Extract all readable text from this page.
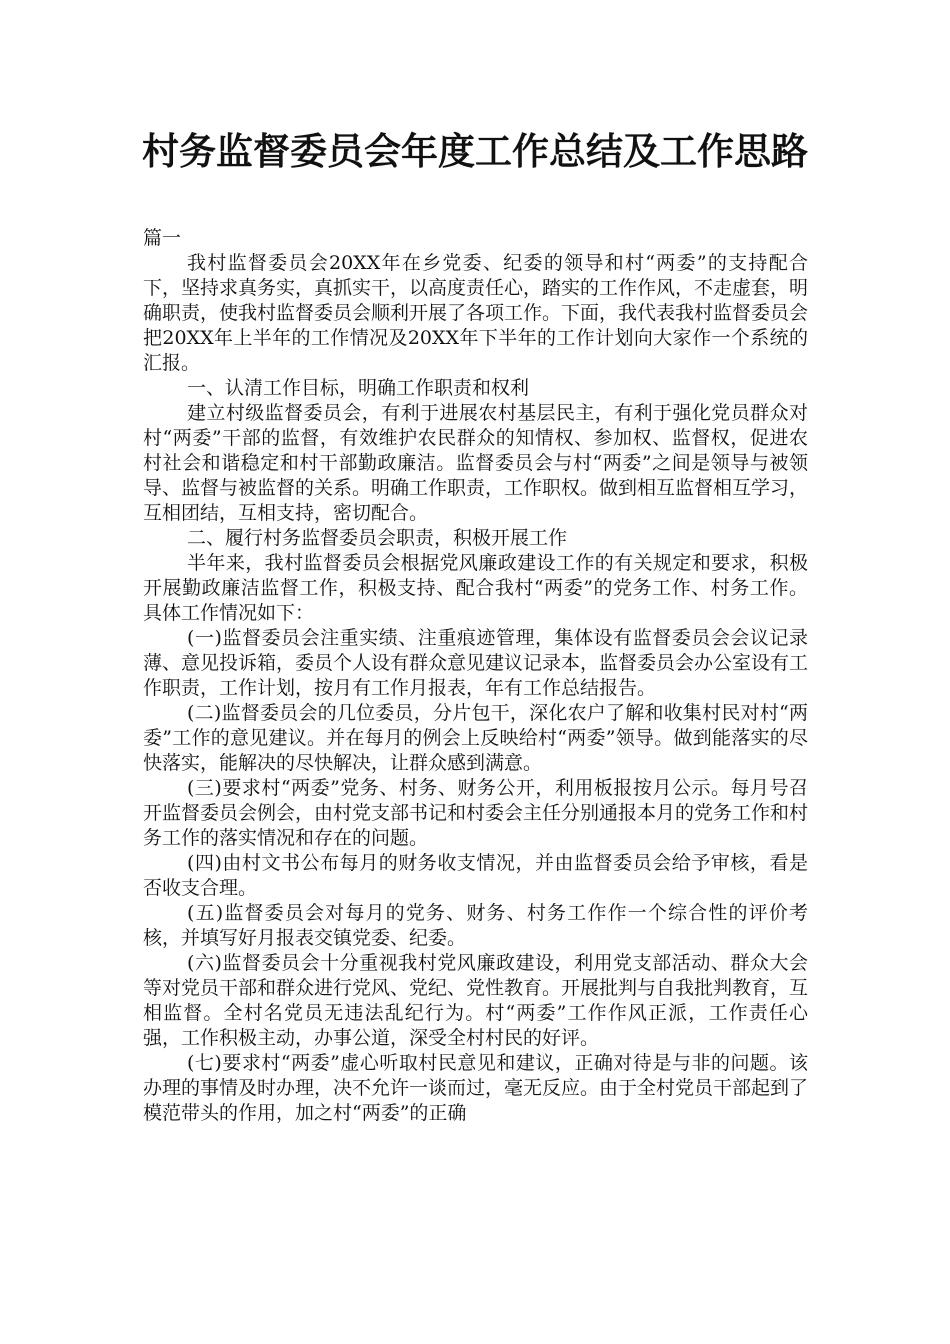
村务监督委员会年度工作总结及工作思路

篇一

我村监督委员会20XX年在乡党委、纪委的领导和村“两委”的支持配合下，坚持求真务实，真抓实干，以高度责任心，踏实的工作作风，不走虚套，明确职责，使我村监督委员会顺利开展了各项工作。下面，我代表我村监督委员会把20XX年上半年的工作情况及20XX年下半年的工作计划向大家作一个系统的汇报。

一、认清工作目标，明确工作职责和权利

建立村级监督委员会，有利于进展农村基层民主，有利于强化党员群众对村“两委”干部的监督，有效维护农民群众的知情权、参加权、监督权，促进农村社会和谐稳定和村干部勤政廉洁。监督委员会与村“两委”之间是领导与被领导、监督与被监督的关系。明确工作职责，工作职权。做到相互监督相互学习，互相团结，互相支持，密切配合。

二、履行村务监督委员会职责，积极开展工作

半年来，我村监督委员会根据党风廉政建设工作的有关规定和要求，积极开展勤政廉洁监督工作，积极支持、配合我村“两委”的党务工作、村务工作。具体工作情况如下：

(一)监督委员会注重实绩、注重痕迹管理，集体设有监督委员会会议记录薄、意见投诉箱，委员个人设有群众意见建议记录本，监督委员会办公室设有工作职责，工作计划，按月有工作月报表，年有工作总结报告。

(二)监督委员会的几位委员，分片包干，深化农户了解和收集村民对村“两委”工作的意见建议。并在每月的例会上反映给村“两委”领导。做到能落实的尽快落实，能解决的尽快解决，让群众感到满意。

(三)要求村“两委”党务、村务、财务公开，利用板报按月公示。每月号召开监督委员会例会，由村党支部书记和村委会主任分别通报本月的党务工作和村务工作的落实情况和存在的问题。

(四)由村文书公布每月的财务收支情况，并由监督委员会给予审核，看是否收支合理。

(五)监督委员会对每月的党务、财务、村务工作作一个综合性的评价考核，并填写好月报表交镇党委、纪委。

(六)监督委员会十分重视我村党风廉政建设，利用党支部活动、群众大会等对党员干部和群众进行党风、党纪、党性教育。开展批判与自我批判教育，互相监督。全村名党员无违法乱纪行为。村“两委”工作作风正派，工作责任心强，工作积极主动，办事公道，深受全村村民的好评。

(七)要求村“两委”虚心听取村民意见和建议，正确对待是与非的问题。该办理的事情及时办理，决不允许一谈而过，毫无反应。由于全村党员干部起到了模范带头的作用，加之村“两委”的正确
